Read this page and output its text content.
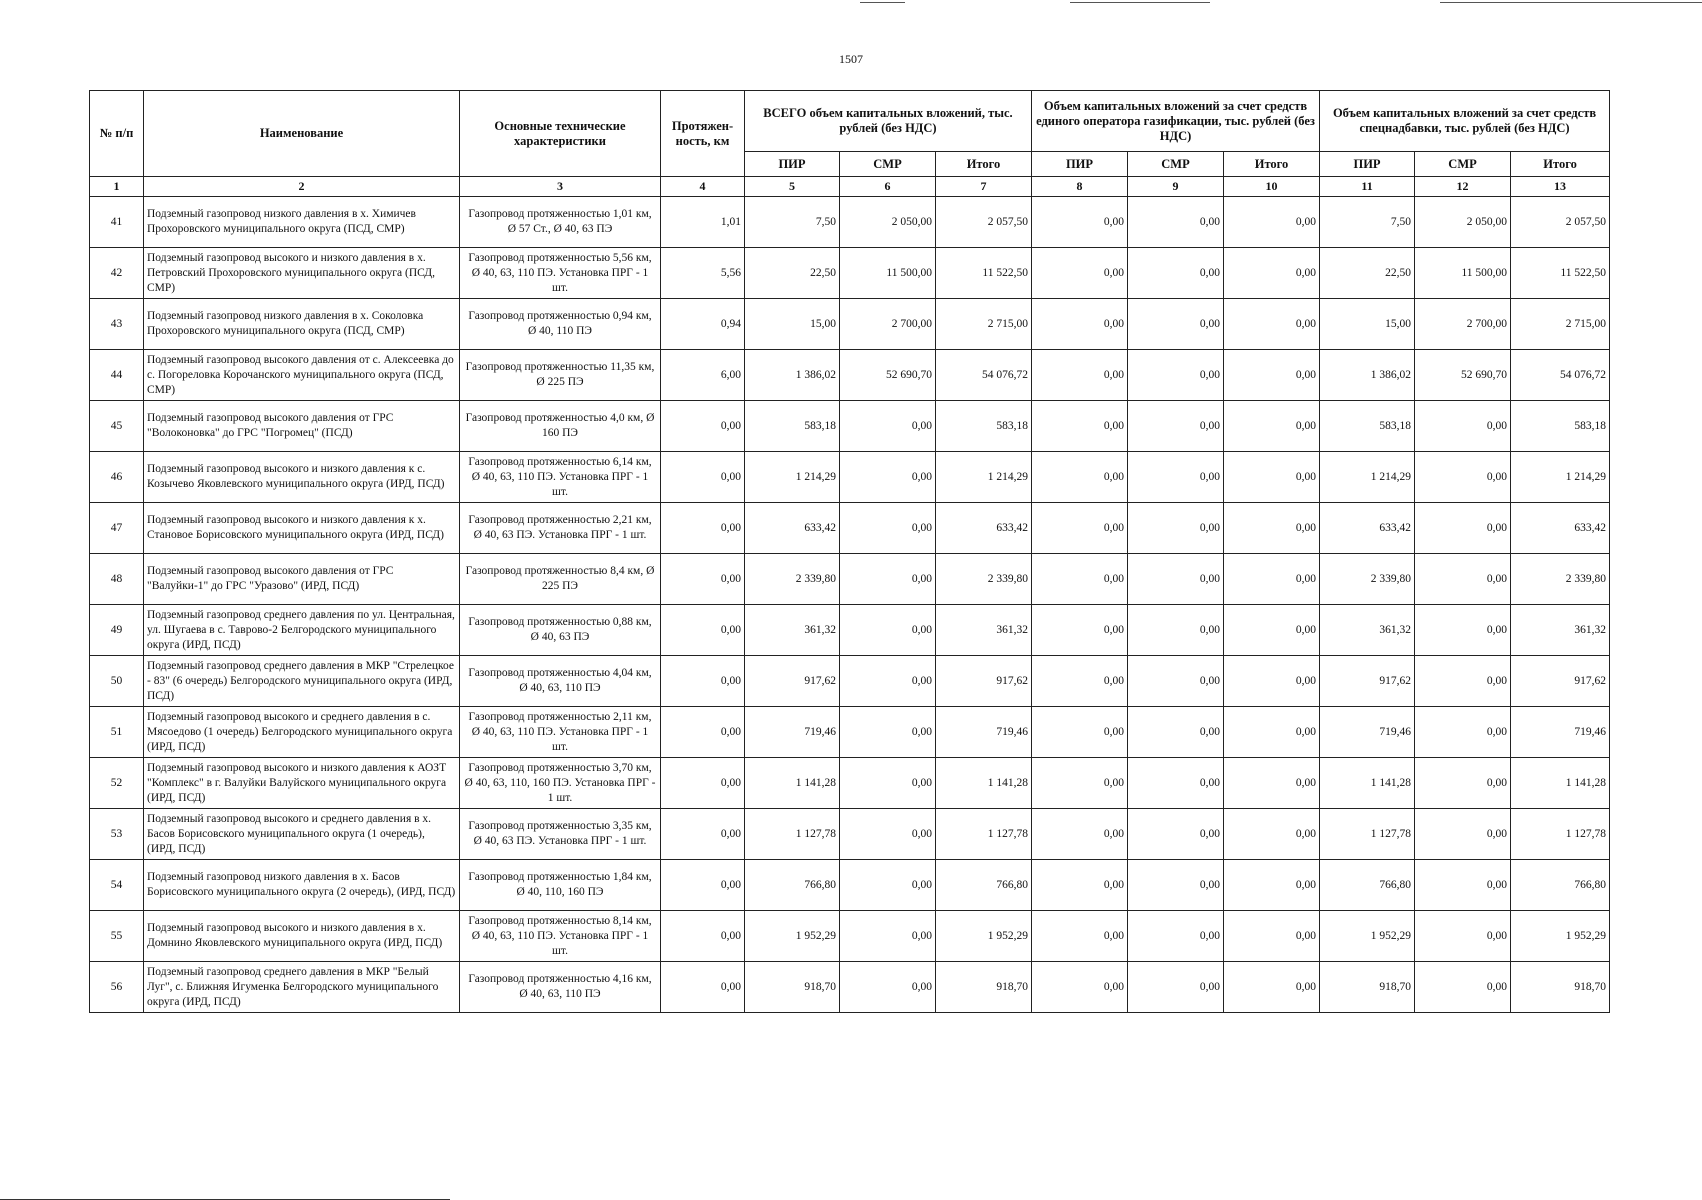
1507
№ п/п	Наименование	Основные технические характеристики	Протяжен-ность, км	ВСЕГО объем капитальных вложений, тыс. рублей (без НДС)			Объем капитальных вложений за счет средств единого оператора газификации, тыс. рублей (без НДС)			Объем капитальных вложений за счет средств спецнадбавки, тыс. рублей (без НДС)		
				ПИР	СМР	Итого	ПИР	СМР	Итого	ПИР	СМР	Итого
1	2	3	4	5	6	7	8	9	10	11	12	13
41	Подземный газопровод низкого давления в х. Химичев Прохоровского муниципального округа (ПСД, СМР)	Газопровод протяженностью 1,01 км, Ø 57 Ст., Ø 40, 63 ПЭ	1,01	7,50	2 050,00	2 057,50	0,00	0,00	0,00	7,50	2 050,00	2 057,50
42	Подземный газопровод высокого и низкого давления в х. Петровский Прохоровского муниципального округа (ПСД, СМР)	Газопровод протяженностью 5,56 км, Ø 40, 63, 110 ПЭ. Установка ПРГ - 1 шт.	5,56	22,50	11 500,00	11 522,50	0,00	0,00	0,00	22,50	11 500,00	11 522,50
43	Подземный газопровод низкого давления в х. Соколовка Прохоровского муниципального округа (ПСД, СМР)	Газопровод протяженностью 0,94 км, Ø 40, 110 ПЭ	0,94	15,00	2 700,00	2 715,00	0,00	0,00	0,00	15,00	2 700,00	2 715,00
44	Подземный газопровод высокого давления от с. Алексеевка до с. Погореловка Корочанского муниципального округа (ПСД, СМР)	Газопровод протяженностью 11,35 км, Ø 225 ПЭ	6,00	1 386,02	52 690,70	54 076,72	0,00	0,00	0,00	1 386,02	52 690,70	54 076,72
45	Подземный газопровод высокого давления от ГРС "Волоконовка" до ГРС "Погромец" (ПСД)	Газопровод протяженностью 4,0 км, Ø 160 ПЭ	0,00	583,18	0,00	583,18	0,00	0,00	0,00	583,18	0,00	583,18
46	Подземный газопровод высокого и низкого давления к с. Козычево Яковлевского муниципального округа (ИРД, ПСД)	Газопровод протяженностью 6,14 км, Ø 40, 63, 110 ПЭ. Установка ПРГ - 1 шт.	0,00	1 214,29	0,00	1 214,29	0,00	0,00	0,00	1 214,29	0,00	1 214,29
47	Подземный газопровод высокого и низкого давления к х. Становое Борисовского муниципального округа (ИРД, ПСД)	Газопровод протяженностью 2,21 км, Ø 40, 63 ПЭ. Установка ПРГ - 1 шт.	0,00	633,42	0,00	633,42	0,00	0,00	0,00	633,42	0,00	633,42
48	Подземный газопровод высокого давления от ГРС "Валуйки-1" до ГРС "Уразово" (ИРД, ПСД)	Газопровод протяженностью 8,4 км, Ø 225 ПЭ	0,00	2 339,80	0,00	2 339,80	0,00	0,00	0,00	2 339,80	0,00	2 339,80
49	Подземный газопровод среднего давления по ул. Центральная, ул. Шугаева в с. Таврово-2 Белгородского муниципального округа (ИРД, ПСД)	Газопровод протяженностью 0,88 км, Ø 40, 63 ПЭ	0,00	361,32	0,00	361,32	0,00	0,00	0,00	361,32	0,00	361,32
50	Подземный газопровод среднего давления в МКР "Стрелецкое - 83" (6 очередь) Белгородского муниципального округа (ИРД, ПСД)	Газопровод протяженностью 4,04 км, Ø 40, 63, 110 ПЭ	0,00	917,62	0,00	917,62	0,00	0,00	0,00	917,62	0,00	917,62
51	Подземный газопровод высокого и среднего давления в с. Мясоедово (1 очередь) Белгородского муниципального округа (ИРД, ПСД)	Газопровод протяженностью 2,11 км, Ø 40, 63, 110 ПЭ. Установка ПРГ - 1 шт.	0,00	719,46	0,00	719,46	0,00	0,00	0,00	719,46	0,00	719,46
52	Подземный газопровод высокого и низкого давления к АОЗТ "Комплекс" в г. Валуйки Валуйского муниципального округа (ИРД, ПСД)	Газопровод протяженностью 3,70 км, Ø 40, 63, 110, 160 ПЭ. Установка ПРГ - 1 шт.	0,00	1 141,28	0,00	1 141,28	0,00	0,00	0,00	1 141,28	0,00	1 141,28
53	Подземный газопровод высокого и среднего давления в х. Басов Борисовского муниципального округа (1 очередь), (ИРД, ПСД)	Газопровод протяженностью 3,35 км, Ø 40, 63 ПЭ. Установка ПРГ - 1 шт.	0,00	1 127,78	0,00	1 127,78	0,00	0,00	0,00	1 127,78	0,00	1 127,78
54	Подземный газопровод низкого давления в х. Басов Борисовского муниципального округа (2 очередь), (ИРД, ПСД)	Газопровод протяженностью 1,84 км, Ø 40, 110, 160 ПЭ	0,00	766,80	0,00	766,80	0,00	0,00	0,00	766,80	0,00	766,80
55	Подземный газопровод высокого и низкого давления в х. Домнино Яковлевского муниципального округа (ИРД, ПСД)	Газопровод протяженностью 8,14 км, Ø 40, 63, 110 ПЭ. Установка ПРГ - 1 шт.	0,00	1 952,29	0,00	1 952,29	0,00	0,00	0,00	1 952,29	0,00	1 952,29
56	Подземный газопровод среднего давления в МКР "Белый Луг", с. Ближняя Игуменка Белгородского муниципального округа (ИРД, ПСД)	Газопровод протяженностью 4,16 км, Ø 40, 63, 110 ПЭ	0,00	918,70	0,00	918,70	0,00	0,00	0,00	918,70	0,00	918,70
